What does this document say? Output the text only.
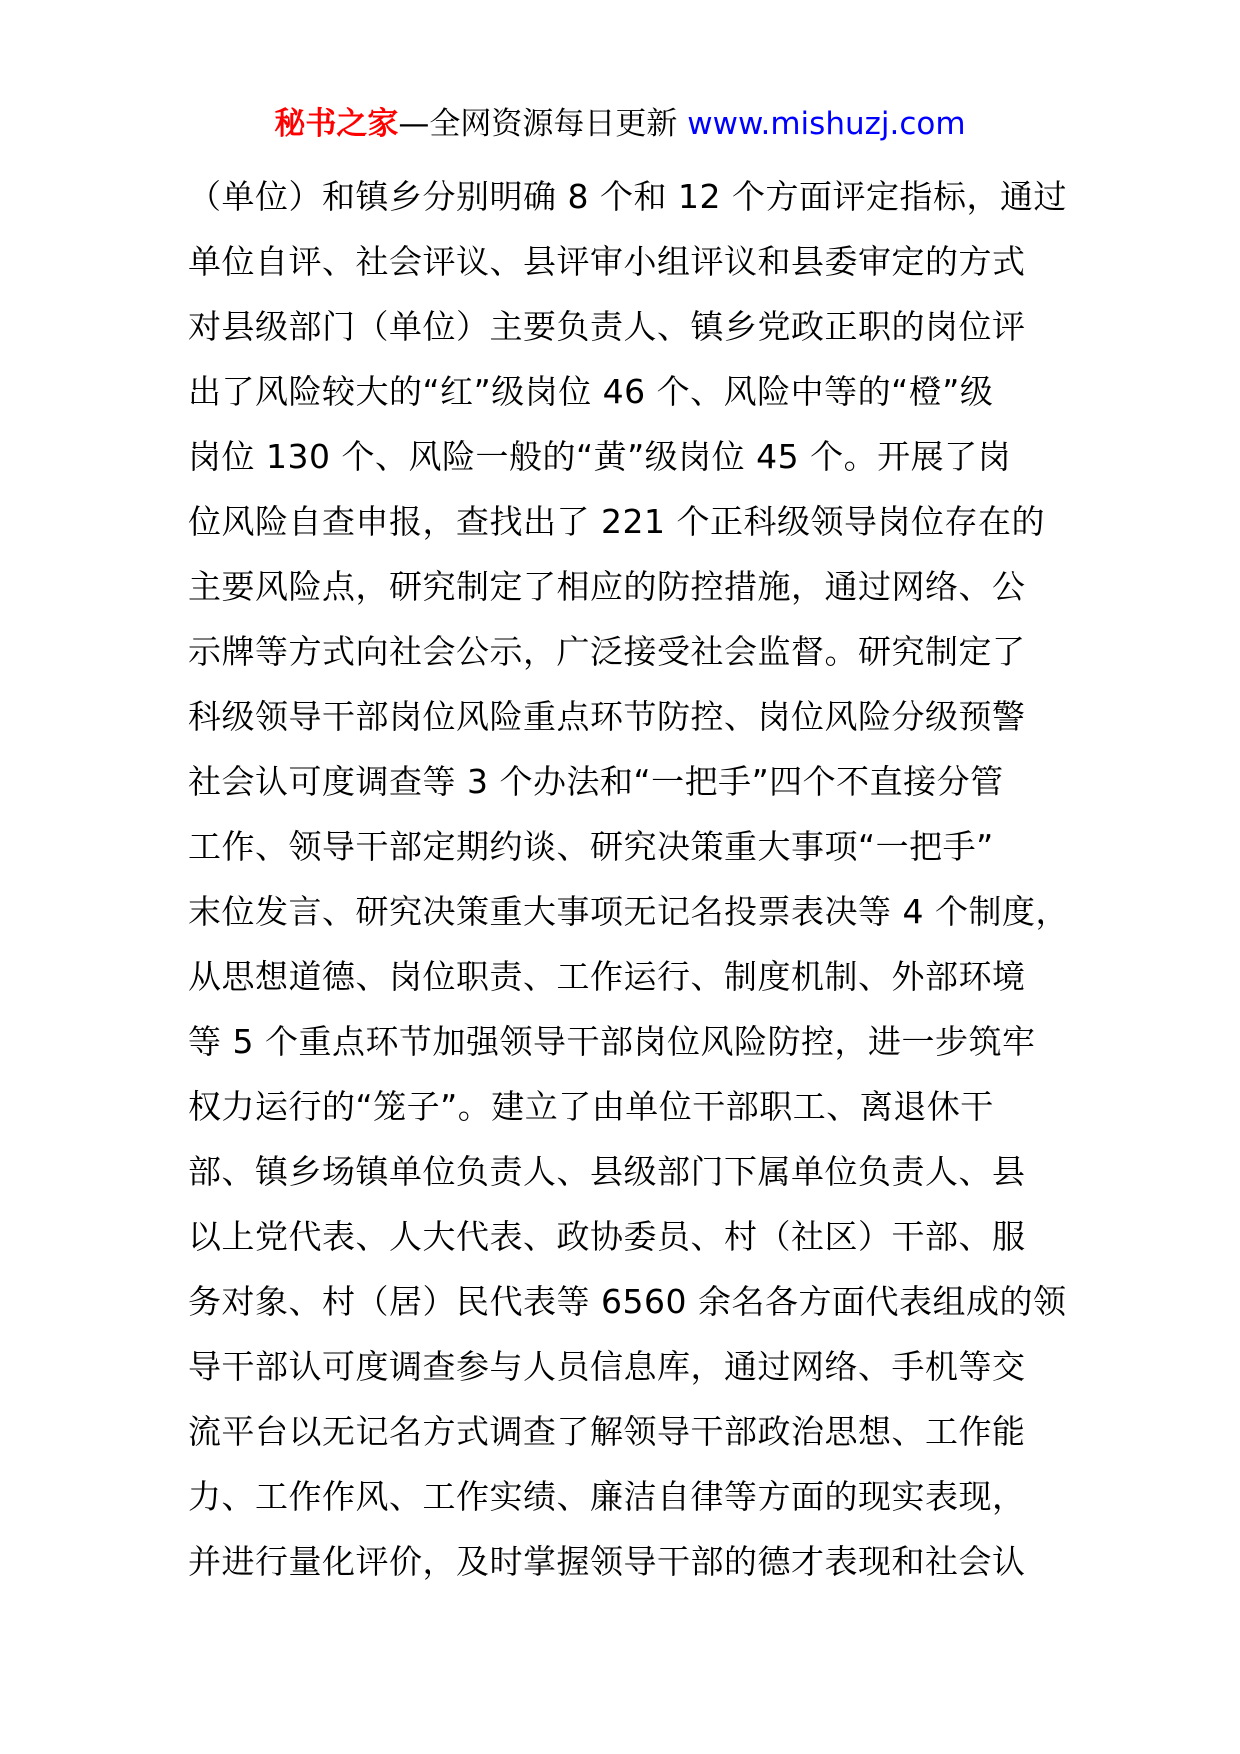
秘书之家—全网资源每日更新 www.mishuzj.com
（单位）和镇乡分别明确 8 个和 12 个方面评定指标，通过
单位自评、社会评议、县评审小组评议和县委审定的方式
对县级部门（单位）主要负责人、镇乡党政正职的岗位评
出了风险较大的“红”级岗位 46 个、风险中等的“橙”级
岗位 130 个、风险一般的“黄”级岗位 45 个。开展了岗
位风险自查申报，查找出了 221 个正科级领导岗位存在的
主要风险点，研究制定了相应的防控措施，通过网络、公
示牌等方式向社会公示，广泛接受社会监督。研究制定了
科级领导干部岗位风险重点环节防控、岗位风险分级预警
社会认可度调查等 3 个办法和“一把手”四个不直接分管
工作、领导干部定期约谈、研究决策重大事项“一把手”
末位发言、研究决策重大事项无记名投票表决等 4 个制度，
从思想道德、岗位职责、工作运行、制度机制、外部环境
等 5 个重点环节加强领导干部岗位风险防控，进一步筑牢
权力运行的“笼子”。建立了由单位干部职工、离退休干
部、镇乡场镇单位负责人、县级部门下属单位负责人、县
以上党代表、人大代表、政协委员、村（社区）干部、服
务对象、村（居）民代表等 6560 余名各方面代表组成的领
导干部认可度调查参与人员信息库，通过网络、手机等交
流平台以无记名方式调查了解领导干部政治思想、工作能
力、工作作风、工作实绩、廉洁自律等方面的现实表现，
并进行量化评价，及时掌握领导干部的德才表现和社会认
